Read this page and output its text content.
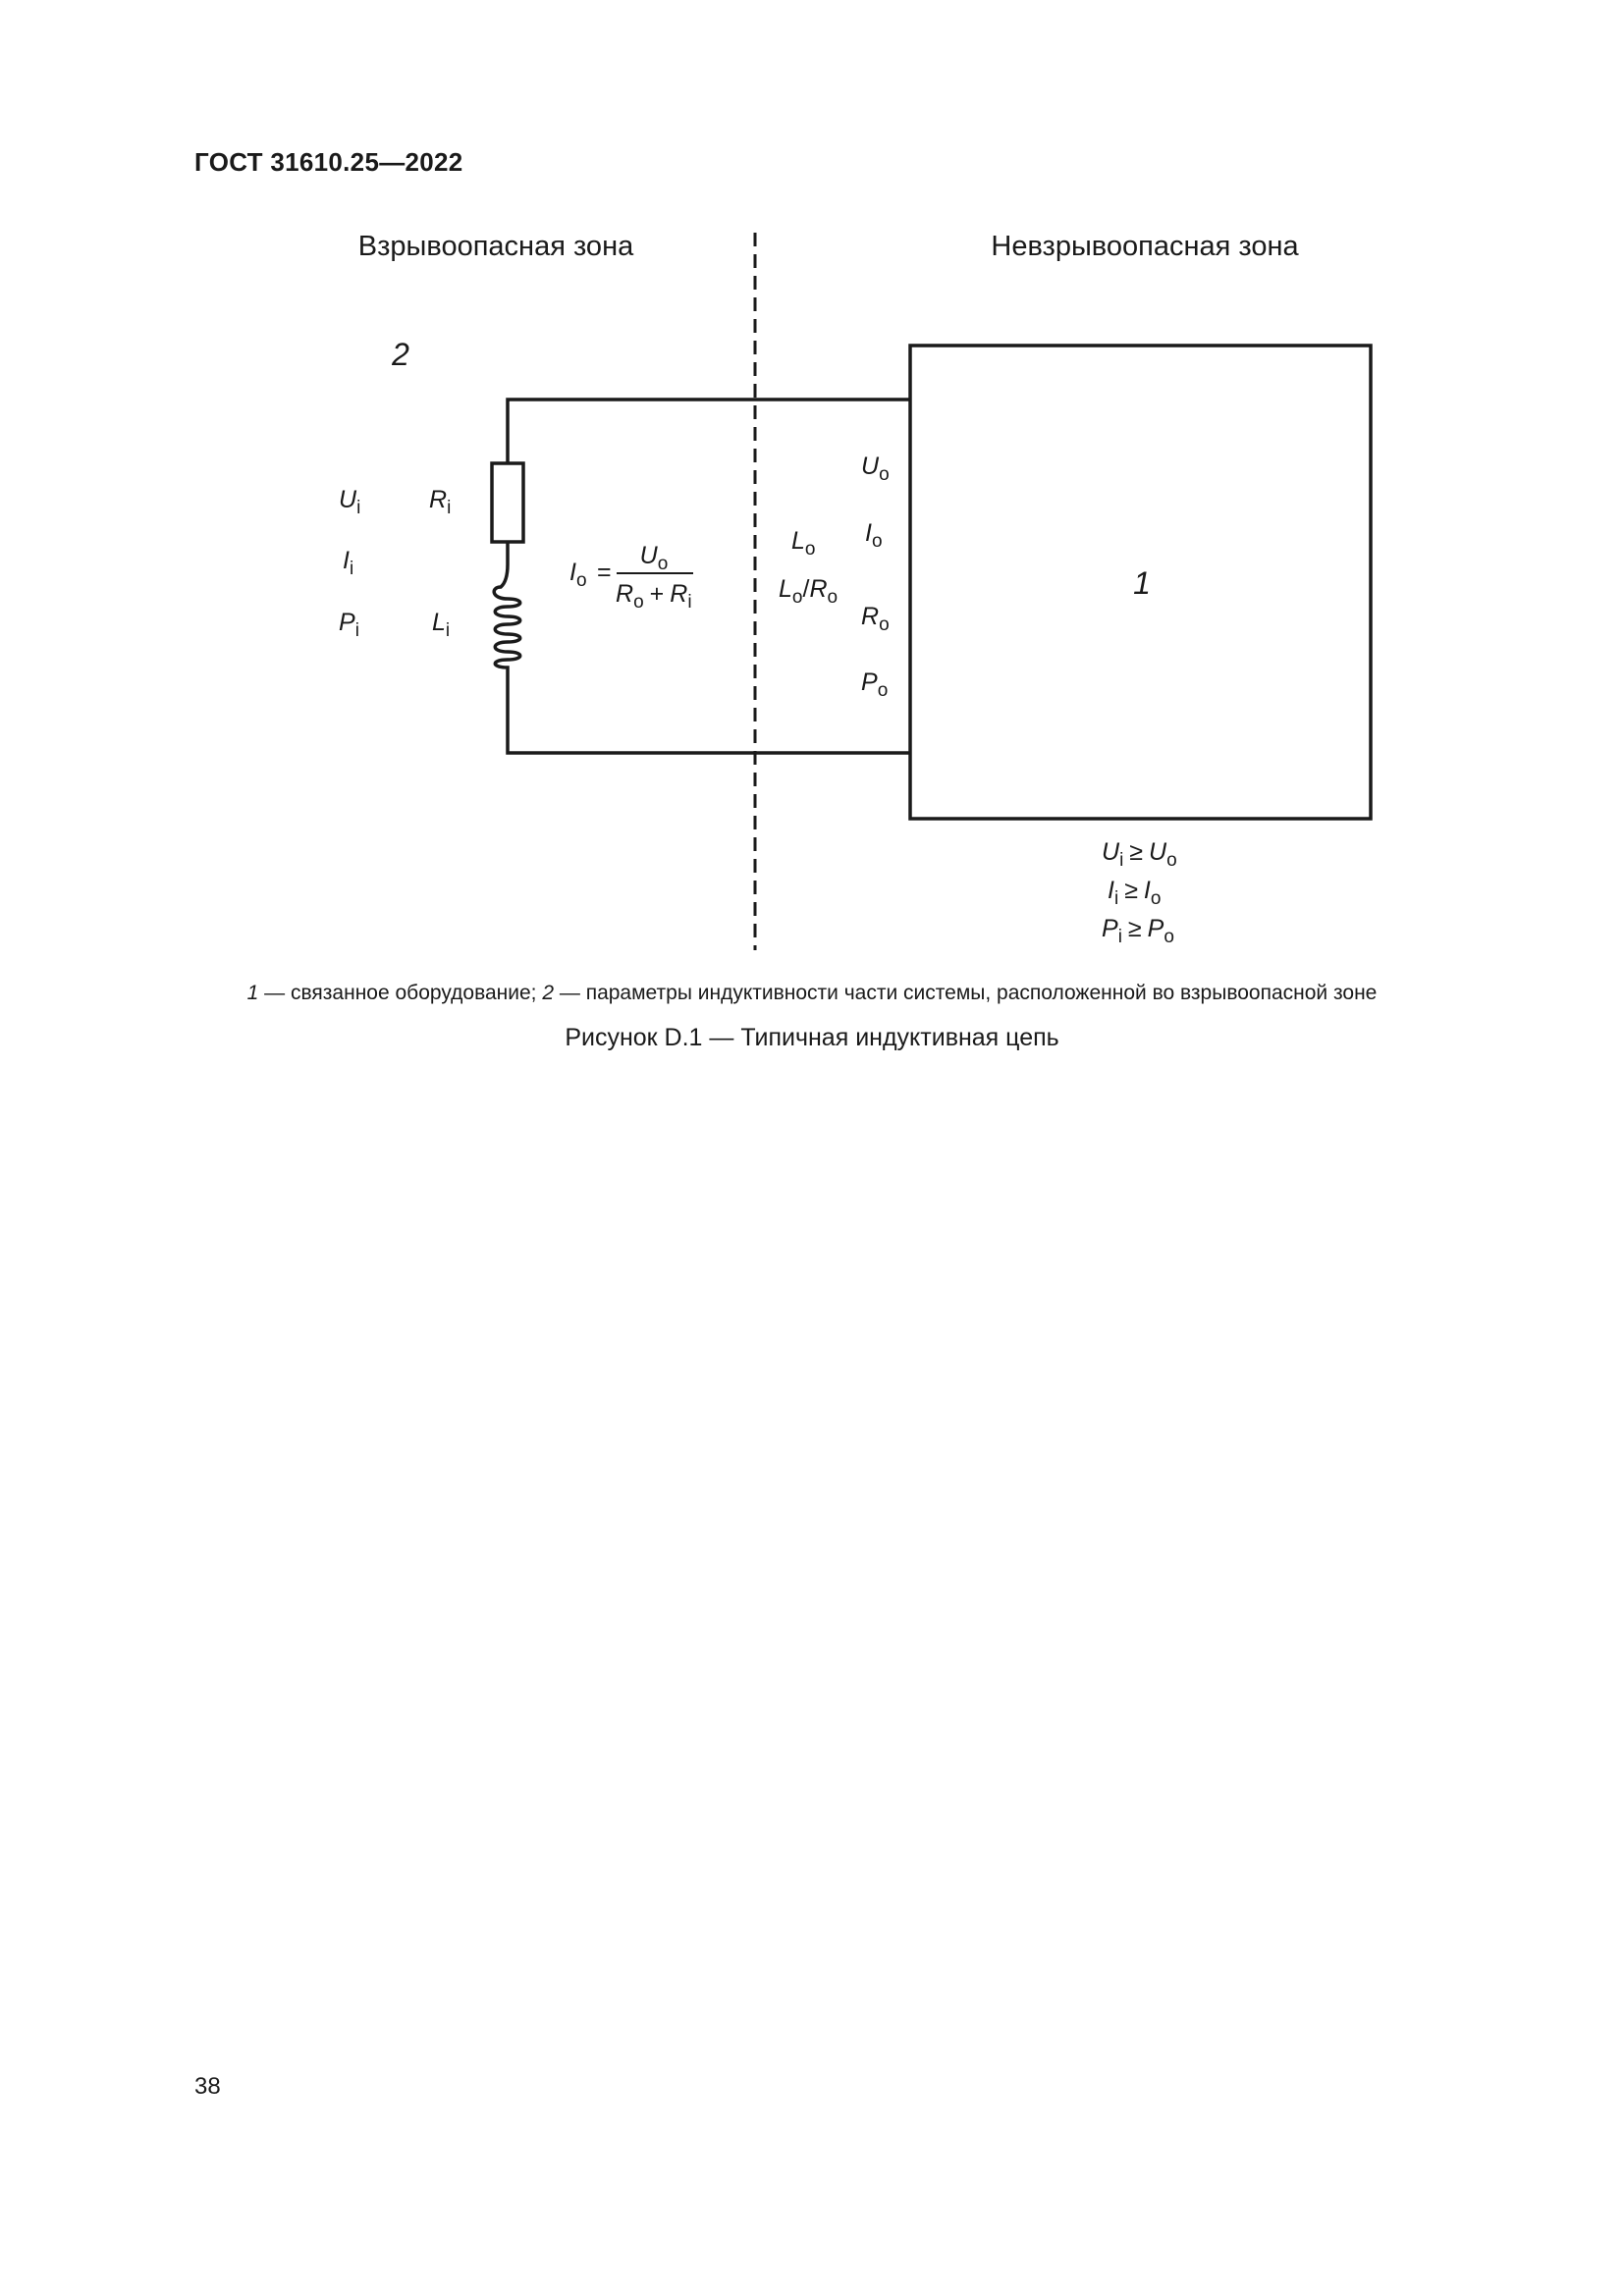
ГОСТ 31610.25—2022
Взрывоопасная зона	Невзрывоопасная зона
1
2
$U_i$	$R_i$
$I_i$
$P_i$	$L_i$
$I_o$ =
$U_o$
$R_o + R_i$
$L_o$
$L_o/R_o$
$U_o$
$I_o$
$R_o$
$P_o$
$U_i \ge U_o$
$I_i \ge I_o$
$P_i \ge P_o$
1 — связанное оборудование; 2 — параметры индуктивности части системы, расположенной во взрывоопасной зоне
Рисунок D.1 — Типичная индуктивная цепь
38
